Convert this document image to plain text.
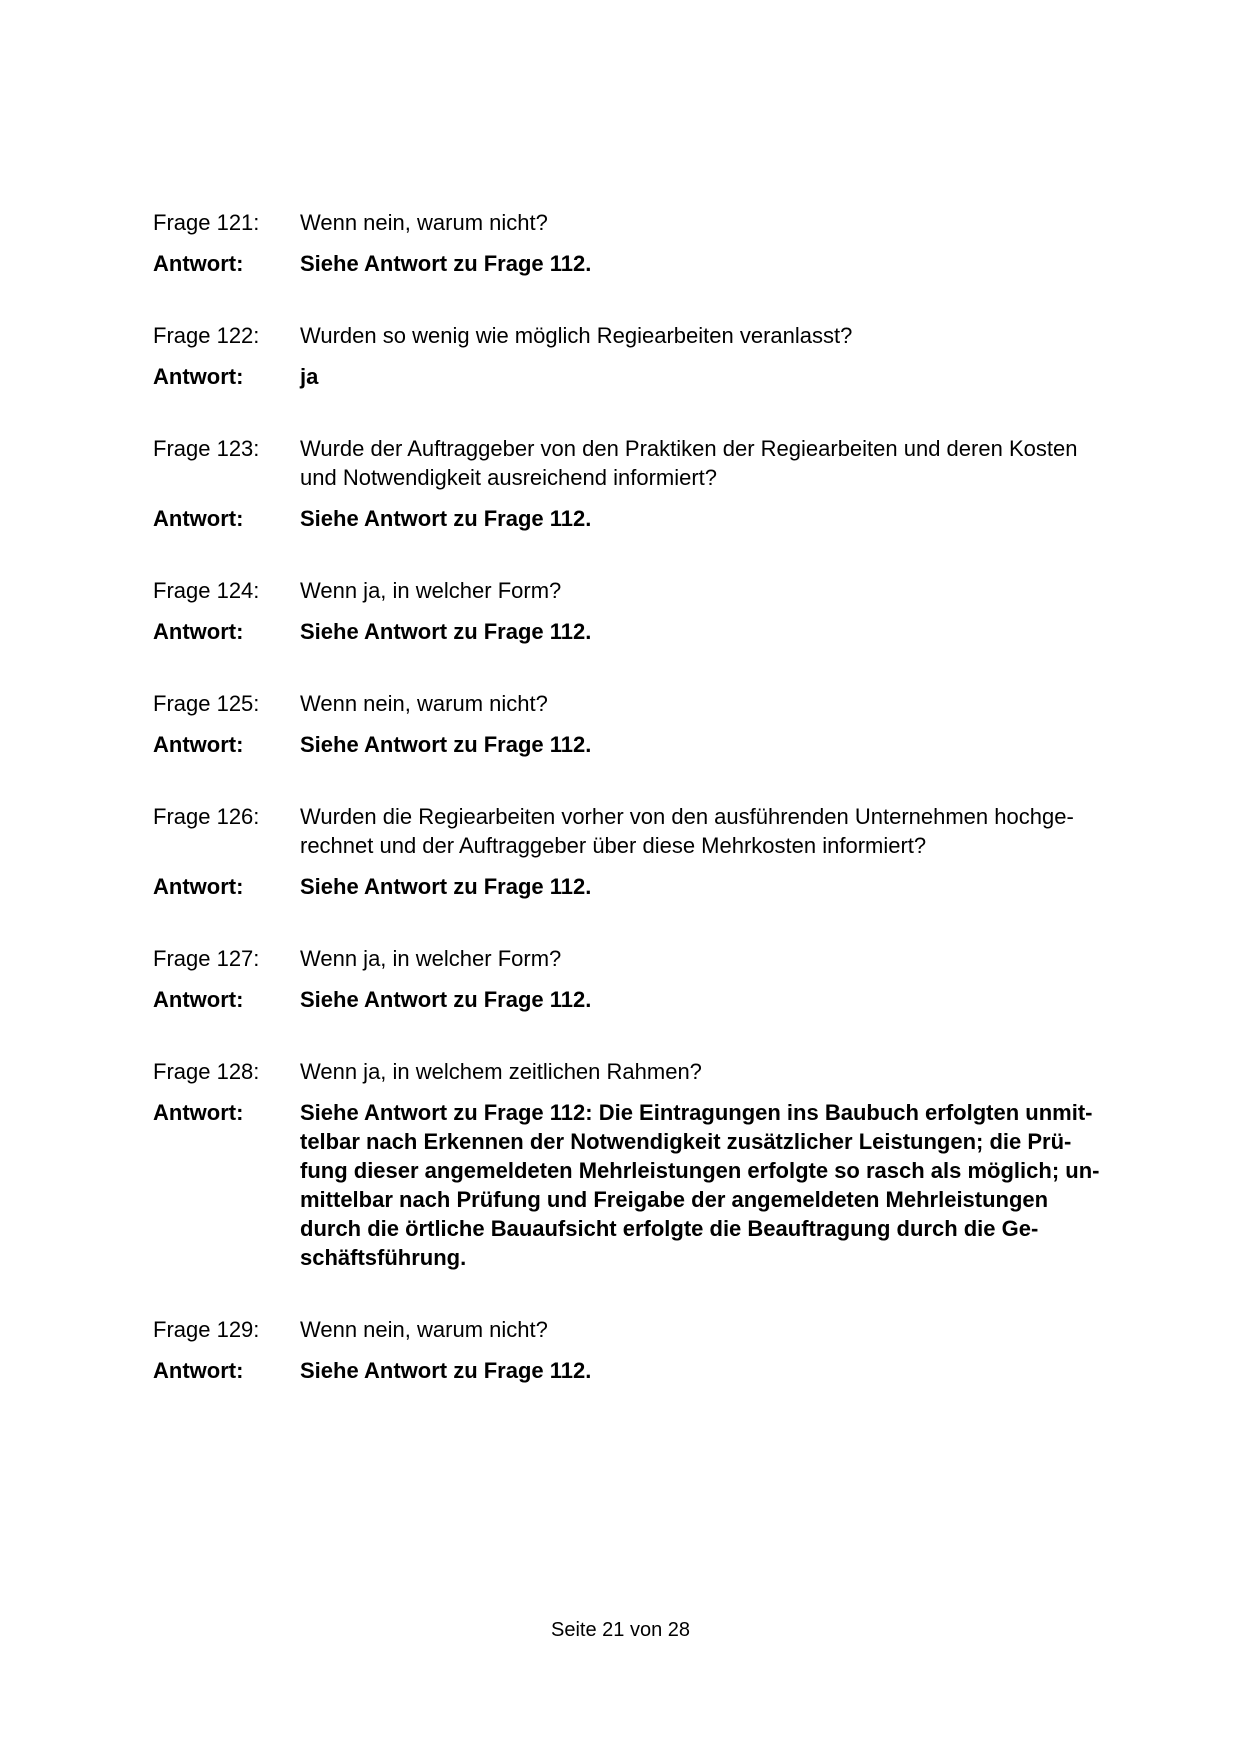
Frage 121:	Wenn nein, warum nicht?
Antwort:	Siehe Antwort zu Frage 112.
Frage 122:	Wurden so wenig wie möglich Regiearbeiten veranlasst?
Antwort:	ja
Frage 123:	Wurde der Auftraggeber von den Praktiken der Regiearbeiten und deren Kosten
und Notwendigkeit ausreichend informiert?
Antwort:	Siehe Antwort zu Frage 112.
Frage 124:	Wenn ja, in welcher Form?
Antwort:	Siehe Antwort zu Frage 112.
Frage 125:	Wenn nein, warum nicht?
Antwort:	Siehe Antwort zu Frage 112.
Frage 126:	Wurden die Regiearbeiten vorher von den ausführenden Unternehmen hochge-
rechnet und der Auftraggeber über diese Mehrkosten informiert?
Antwort:	Siehe Antwort zu Frage 112.
Frage 127:	Wenn ja, in welcher Form?
Antwort:	Siehe Antwort zu Frage 112.
Frage 128:	Wenn ja, in welchem zeitlichen Rahmen?
Antwort:	Siehe Antwort zu Frage 112: Die Eintragungen ins Baubuch erfolgten unmit-
telbar nach Erkennen der Notwendigkeit zusätzlicher Leistungen; die Prü-
fung dieser angemeldeten Mehrleistungen erfolgte so rasch als möglich; un-
mittelbar nach Prüfung und Freigabe der angemeldeten Mehrleistungen
durch die örtliche Bauaufsicht erfolgte die Beauftragung durch die Ge-
schäftsführung.
Frage 129:	Wenn nein, warum nicht?
Antwort:	Siehe Antwort zu Frage 112.
Seite 21 von 28
